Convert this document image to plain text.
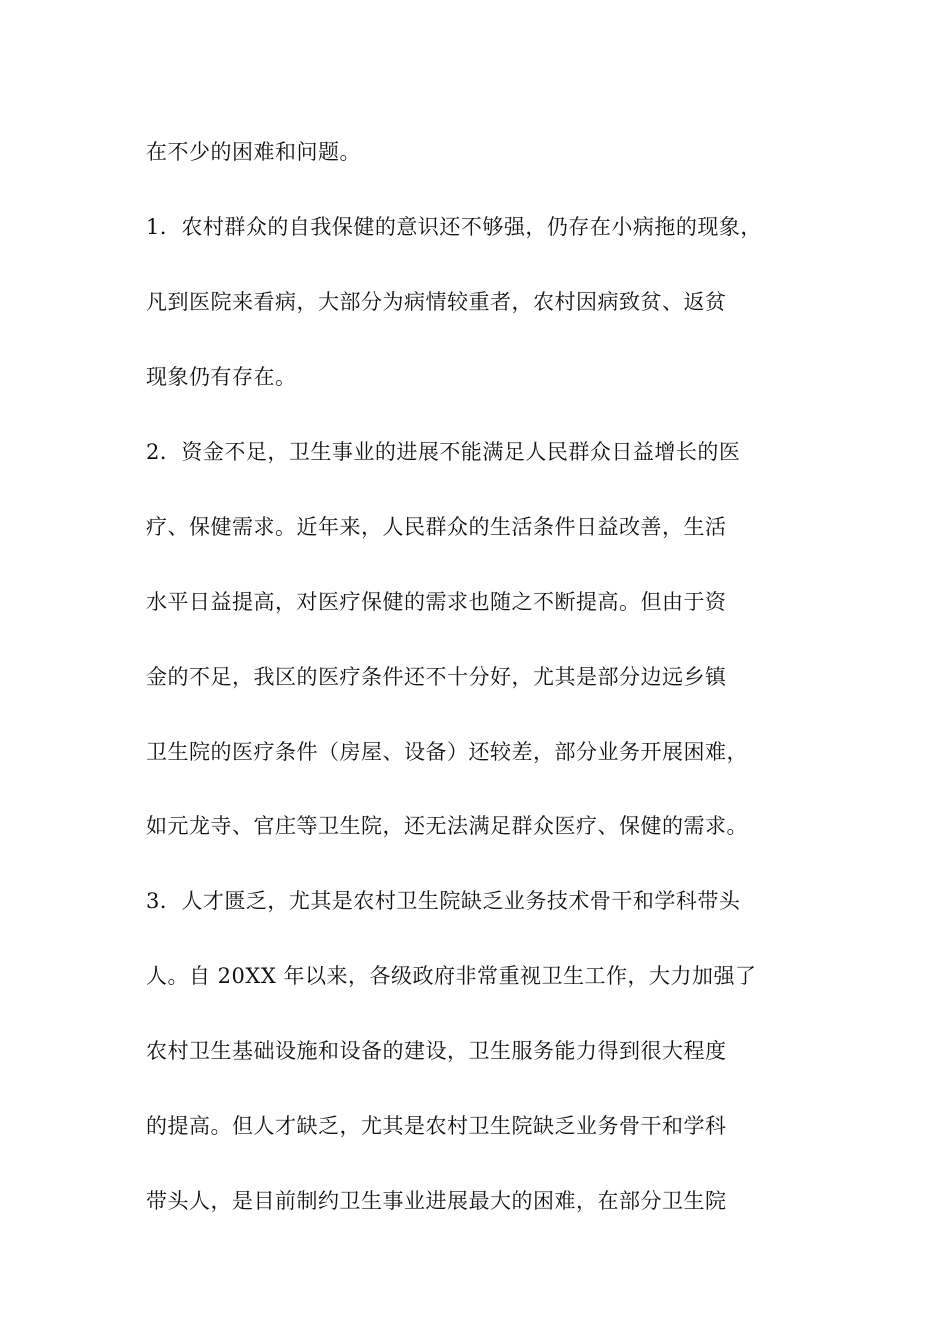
在不少的困难和问题。
1．农村群众的自我保健的意识还不够强，仍存在小病拖的现象，
凡到医院来看病，大部分为病情较重者，农村因病致贫、返贫
现象仍有存在。
2．资金不足，卫生事业的进展不能满足人民群众日益增长的医
疗、保健需求。近年来，人民群众的生活条件日益改善，生活
水平日益提高，对医疗保健的需求也随之不断提高。但由于资
金的不足，我区的医疗条件还不十分好，尤其是部分边远乡镇
卫生院的医疗条件（房屋、设备）还较差，部分业务开展困难，
如元龙寺、官庄等卫生院，还无法满足群众医疗、保健的需求。
3．人才匮乏，尤其是农村卫生院缺乏业务技术骨干和学科带头
人。自 20XX 年以来，各级政府非常重视卫生工作，大力加强了
农村卫生基础设施和设备的建设，卫生服务能力得到很大程度
的提高。但人才缺乏，尤其是农村卫生院缺乏业务骨干和学科
带头人，是目前制约卫生事业进展最大的困难，在部分卫生院
